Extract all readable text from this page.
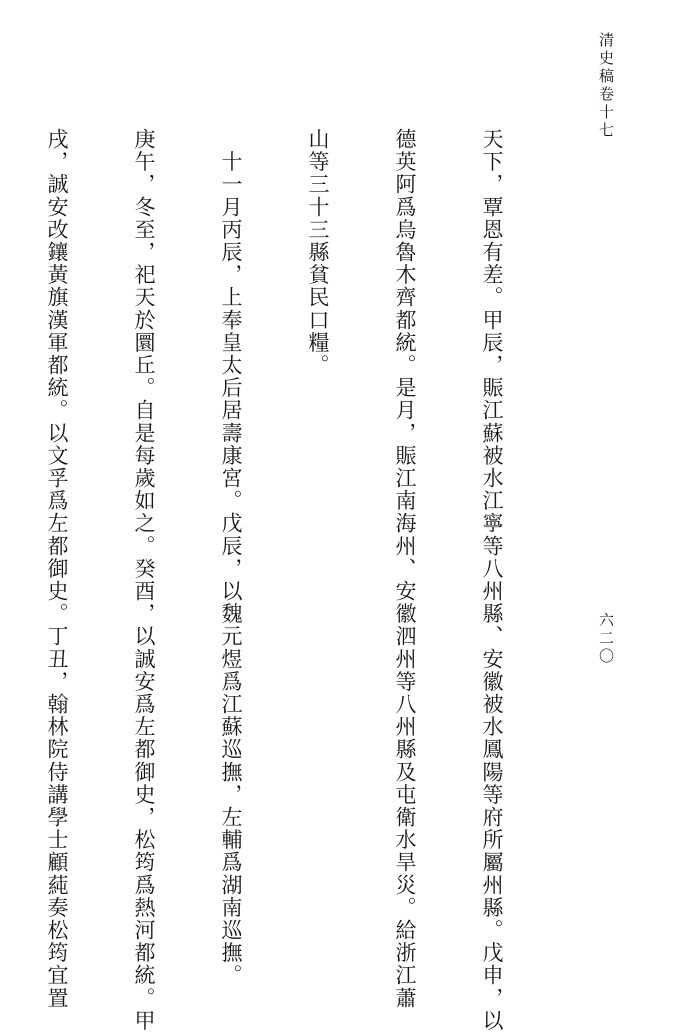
清史稿卷十七
六二〇

天下，覃恩有差。甲辰，賑江蘇被水江寧等八州縣、安徽被水鳳陽等府所屬州縣。戊申，以

德英阿爲烏魯木齊都統。是月，賑江南海州、安徽泗州等八州縣及屯衛水旱災。給浙江蕭

山等三十三縣貧民口糧。

　十一月丙辰，上奉皇太后居壽康宮。戊辰，以魏元煜爲江蘇巡撫，左輔爲湖南巡撫。

庚午，冬至，祀天於圜丘。自是每歲如之。癸酉，以誠安爲左都御史，松筠爲熱河都統。甲

戌，誠安改鑲黃旗漢軍都統。以文孚爲左都御史。丁丑，翰林院侍講學士顧蒓奏松筠宜置
